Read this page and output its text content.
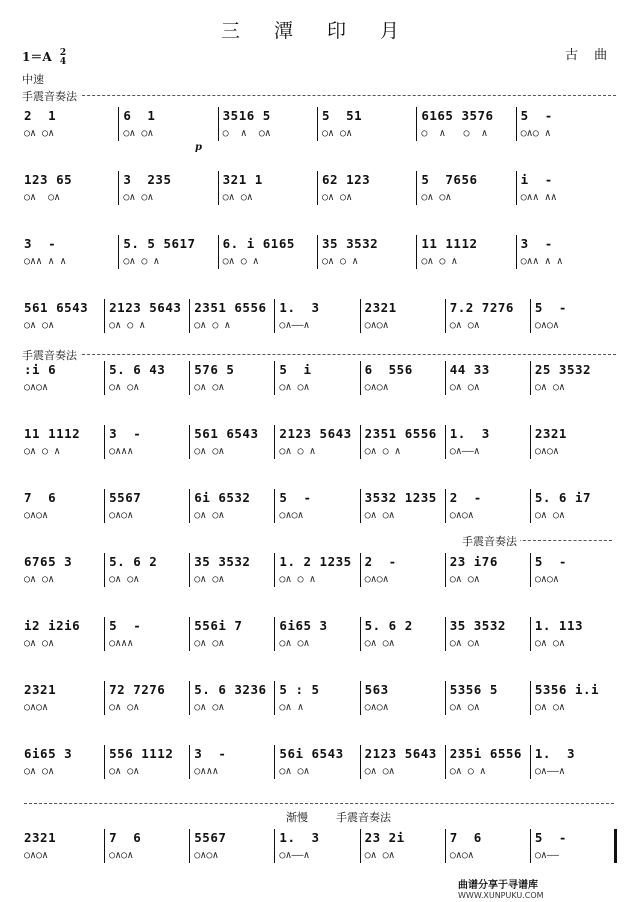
三 潭 印 月
1＝A 2
4	古 曲
中速
手震音奏法
手震音奏法
手震音奏法
渐慢	手震音奏法
p
2  1
○∧ ○∧
6  1
○∧ ○∧
3516 5
○  ∧  ○∧
5  51
○∧ ○∧
6165 3576
○  ∧   ○  ∧
5  -
○∧○ ∧
123 65
○∧  ○∧
3  235
○∧ ○∧
321 1
○∧ ○∧
62 123
○∧ ○∧
5  7656
○∧ ○∧
i  -
○∧∧ ∧∧
3  -
○∧∧ ∧ ∧
5. 5 5617
○∧ ○ ∧
6. i 6165
○∧ ○ ∧
35 3532
○∧ ○ ∧
11 1112
○∧ ○ ∧
3  -
○∧∧ ∧ ∧
561 6543
○∧ ○∧
2123 5643
○∧ ○ ∧
2351 6556
○∧ ○ ∧
1.  3
○∧——∧
2321
○∧○∧
7.2 7276
○∧ ○∧
5  -
○∧○∧
:i 6
○∧○∧
5. 6 43
○∧ ○∧
576 5
○∧ ○∧
5  i
○∧ ○∧
6  556
○∧○∧
44 33
○∧ ○∧
25 3532
○∧ ○∧
11 1112
○∧ ○ ∧
3  -
○∧∧∧
561 6543
○∧ ○∧
2123 5643
○∧ ○ ∧
2351 6556
○∧ ○ ∧
1.  3
○∧——∧
2321
○∧○∧
7  6
○∧○∧
5567
○∧○∧
6i 6532
○∧ ○∧
5  -
○∧○∧
3532 1235
○∧ ○∧
2  -
○∧○∧
5. 6 i7
○∧ ○∧
6765 3
○∧ ○∧
5. 6 2
○∧ ○∧
35 3532
○∧ ○∧
1. 2 1235
○∧ ○ ∧
2  -
○∧○∧
23 i76
○∧ ○∧
5  -
○∧○∧
i2 i2i6
○∧ ○∧
5  -
○∧∧∧
556i 7
○∧ ○∧
6i65 3
○∧ ○∧
5. 6 2
○∧ ○∧
35 3532
○∧ ○∧
1. 113
○∧ ○∧
2321
○∧○∧
72 7276
○∧ ○∧
5. 6 3236
○∧ ○∧
5 : 5
○∧ ∧
563
○∧○∧
5356 5
○∧ ○∧
5356 i.i
○∧ ○∧
6i65 3
○∧ ○∧
556 1112
○∧ ○∧
3  -
○∧∧∧
56i 6543
○∧ ○∧
2123 5643
○∧ ○∧
235i 6556
○∧ ○ ∧
1.  3
○∧——∧
2321
○∧○∧
7  6
○∧○∧
5567
○∧○∧
1.  3
○∧——∧
23 2i
○∧ ○∧
7  6
○∧○∧
5  -
○∧——
曲谱分享于寻谱库
WWW.XUNPUKU.COM
